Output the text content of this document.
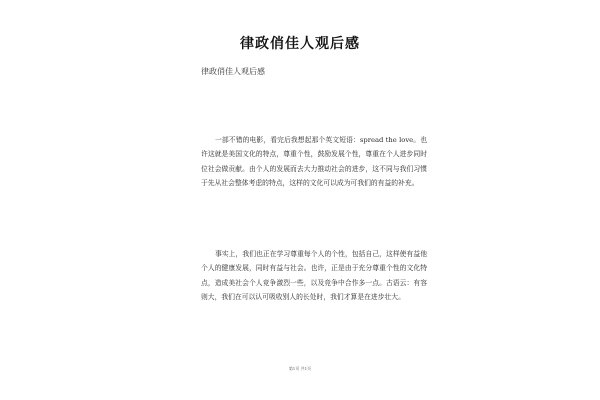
律政俏佳人观后感
律政俏佳人观后感

一部不错的电影，看完后我想起那个英文短语：spread the love。也许这就是美国文化的特点，尊重个性，鼓励发展个性，尊重在个人进步同时位社会做贡献。由个人的发展而去大力推动社会的进步，这不同与我们习惯于先从社会整体考虑的特点，这样的文化可以成为可我们的有益的补充。

事实上，我们也正在学习尊重每个人的个性，包括自己，这样使有益他个人的健康发展，同时有益与社会。也许，正是由于充分尊重个性的文化特点，造成美社会个人竞争激烈一些，以及竞争中合作多一点。古语云：有容则大，我们在可以认可吸收别人的长处时，我们才算是在进步壮大。

第1页 共1页
